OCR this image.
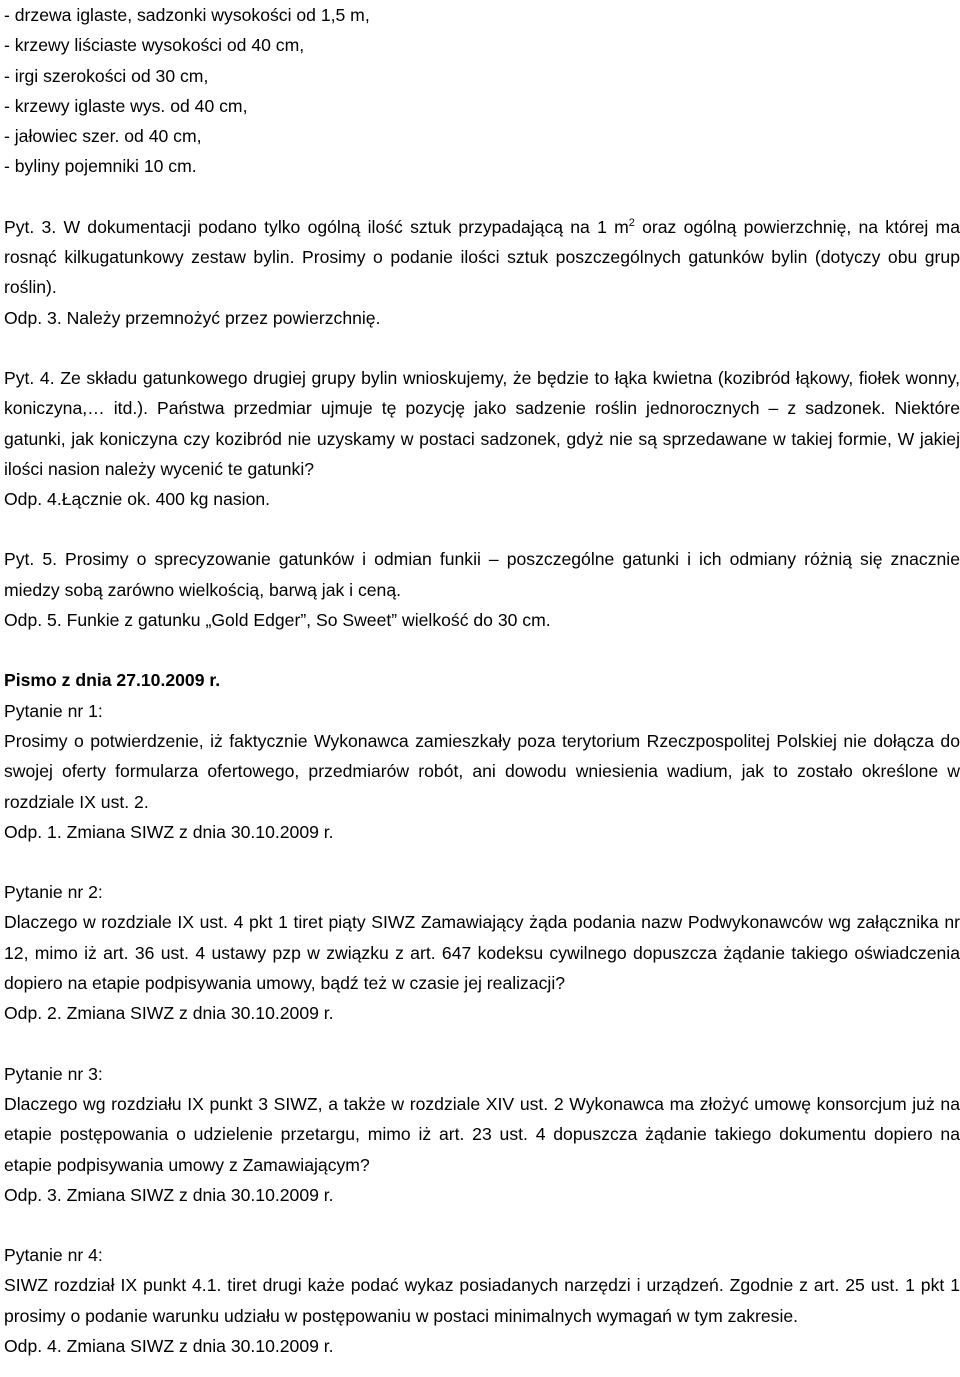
- drzewa iglaste, sadzonki wysokości od 1,5 m,

- krzewy liściaste wysokości od 40 cm,

- irgi szerokości od 30 cm,

- krzewy iglaste wys. od 40 cm,

- jałowiec szer. od 40 cm,

- byliny pojemniki 10 cm.

Pyt. 3. W dokumentacji podano tylko ogólną ilość sztuk przypadającą na 1 $m^2$ oraz ogólną powierzchnię, na której ma rosnąć kilkugatunkowy zestaw bylin. Prosimy o podanie ilości sztuk poszczególnych gatunków bylin (dotyczy obu grup roślin).

Odp. 3. Należy przemnożyć przez powierzchnię.

Pyt. 4. Ze składu gatunkowego drugiej grupy bylin wnioskujemy, że będzie to łąka kwietna (kozibród łąkowy, fiołek wonny, koniczyna,… itd.). Państwa przedmiar ujmuje tę pozycję jako sadzenie roślin jednorocznych – z sadzonek. Niektóre gatunki, jak koniczyna czy kozibród nie uzyskamy w postaci sadzonek, gdyż nie są sprzedawane w takiej formie, W jakiej ilości nasion należy wycenić te gatunki?

Odp. 4.Łącznie ok. 400 kg nasion.

Pyt. 5. Prosimy o sprecyzowanie gatunków i odmian funkii – poszczególne gatunki i ich odmiany różnią się znacznie miedzy sobą zarówno wielkością, barwą jak i ceną.

Odp. 5. Funkie z gatunku „Gold Edger”, So Sweet” wielkość do 30 cm.

Pismo z dnia 27.10.2009 r.

Pytanie nr 1:

Prosimy o potwierdzenie, iż faktycznie Wykonawca zamieszkały poza terytorium Rzeczpospolitej Polskiej nie dołącza do swojej oferty formularza ofertowego, przedmiarów robót, ani dowodu wniesienia wadium, jak to zostało określone w rozdziale IX ust. 2.

Odp. 1. Zmiana SIWZ z dnia 30.10.2009 r.

Pytanie nr 2:

Dlaczego w rozdziale IX ust. 4 pkt 1 tiret piąty SIWZ Zamawiający żąda podania nazw Podwykonawców wg załącznika nr 12, mimo iż art. 36 ust. 4 ustawy pzp w związku z art. 647 kodeksu cywilnego dopuszcza żądanie takiego oświadczenia dopiero na etapie podpisywania umowy, bądź też w czasie jej realizacji?

Odp. 2. Zmiana SIWZ z dnia 30.10.2009 r.

Pytanie nr 3:

Dlaczego wg rozdziału IX punkt 3 SIWZ, a także w rozdziale XIV ust. 2 Wykonawca ma złożyć umowę konsorcjum już na etapie postępowania o udzielenie przetargu, mimo iż art. 23 ust. 4 dopuszcza żądanie takiego dokumentu dopiero na etapie podpisywania umowy z Zamawiającym?

Odp. 3. Zmiana SIWZ z dnia 30.10.2009 r.

Pytanie nr 4:

SIWZ rozdział IX punkt 4.1. tiret drugi każe podać wykaz posiadanych narzędzi i urządzeń. Zgodnie z art. 25 ust. 1 pkt 1 prosimy o podanie warunku udziału w postępowaniu w postaci minimalnych wymagań w tym zakresie.

Odp. 4. Zmiana SIWZ z dnia 30.10.2009 r.
